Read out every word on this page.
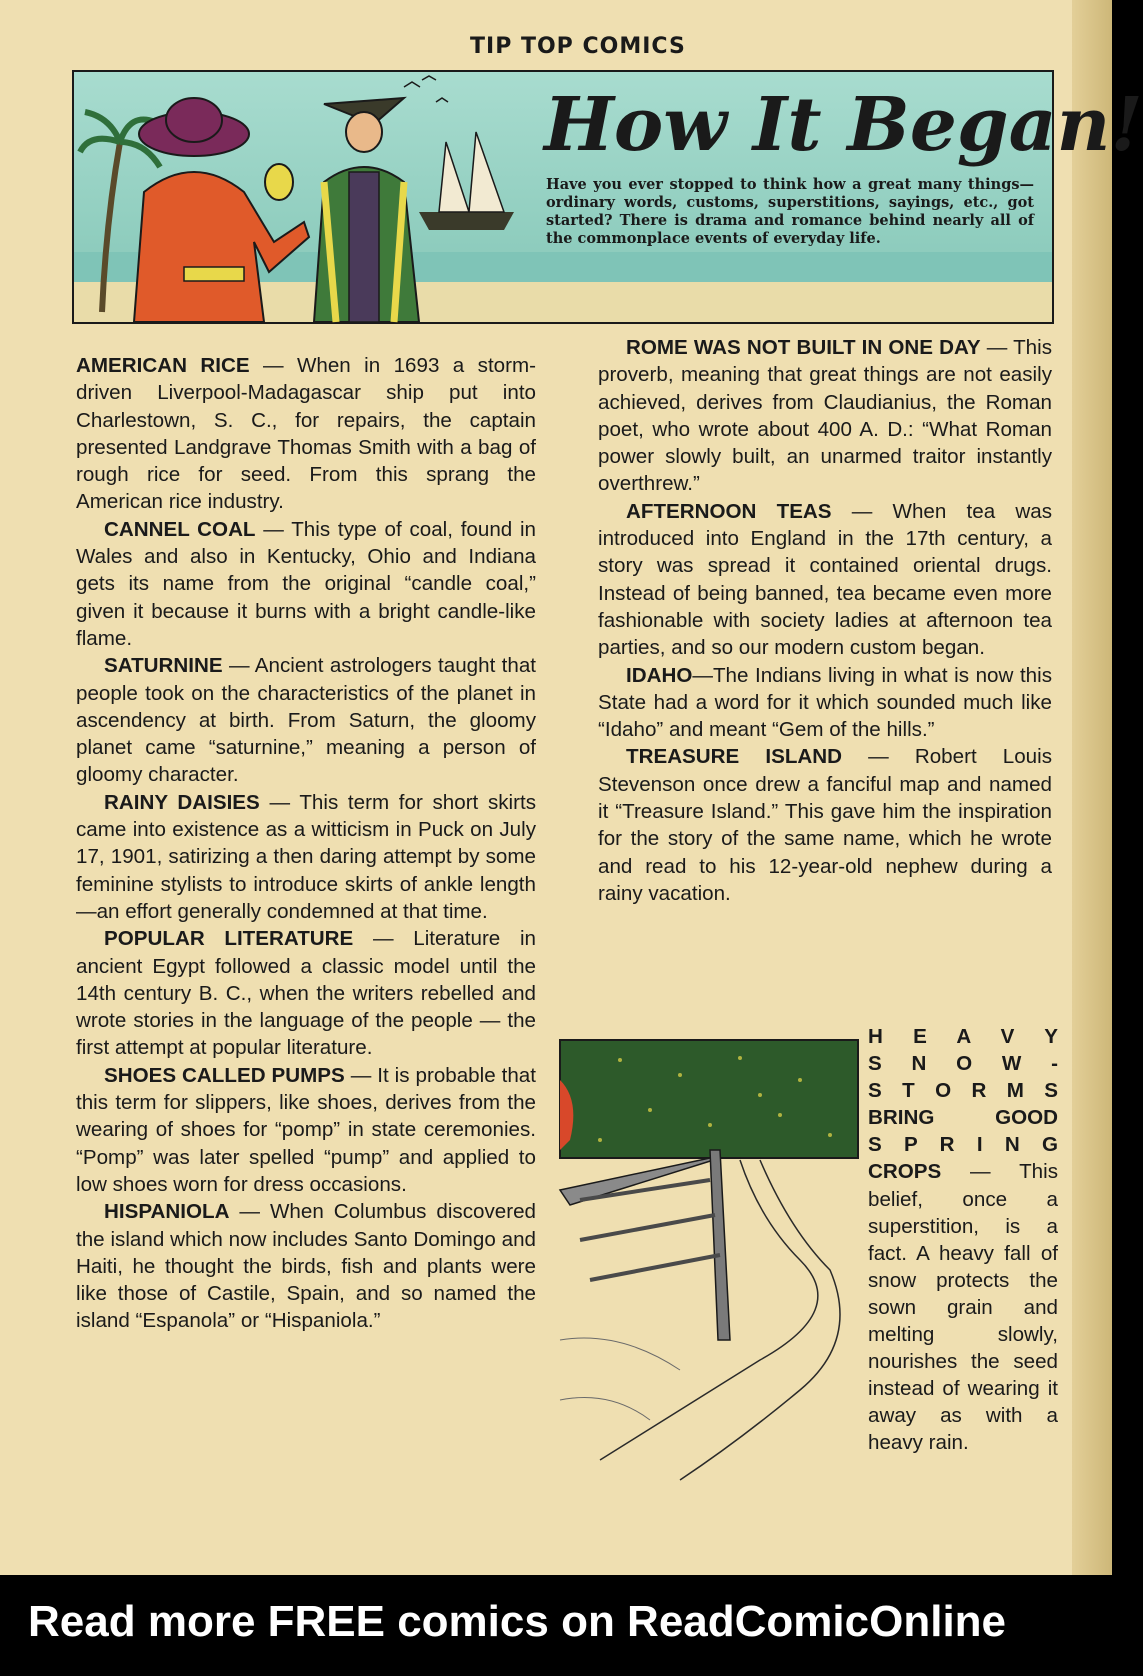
TIP TOP COMICS
How It Began!
Have you ever stopped to think how a great many things—ordinary words, customs, superstitions, sayings, etc., got started? There is drama and romance behind nearly all of the commonplace events of everyday life.

AMERICAN RICE — When in 1693 a storm-driven Liverpool-Madagascar ship put into Charlestown, S. C., for repairs, the captain presented Landgrave Thomas Smith with a bag of rough rice for seed. From this sprang the American rice industry.

CANNEL COAL — This type of coal, found in Wales and also in Kentucky, Ohio and Indiana gets its name from the original “candle coal,” given it because it burns with a bright candle-like flame.

SATURNINE — Ancient astrologers taught that people took on the characteristics of the planet in ascendency at birth. From Saturn, the gloomy planet came “saturnine,” meaning a person of gloomy character.

RAINY DAISIES — This term for short skirts came into existence as a witticism in Puck on July 17, 1901, satirizing a then daring attempt by some feminine stylists to introduce skirts of ankle length —an effort generally condemned at that time.

POPULAR LITERATURE — Literature in ancient Egypt followed a classic model until the 14th century B. C., when the writers rebelled and wrote stories in the language of the people — the first attempt at popular literature.

SHOES CALLED PUMPS — It is probable that this term for slippers, like shoes, derives from the wearing of shoes for “pomp” in state ceremonies. “Pomp” was later spelled “pump” and applied to low shoes worn for dress occasions.

HISPANIOLA — When Columbus discovered the island which now includes Santo Domingo and Haiti, he thought the birds, fish and plants were like those of Castile, Spain, and so named the island “Espanola” or “Hispaniola.”

ROME WAS NOT BUILT IN ONE DAY — This proverb, meaning that great things are not easily achieved, derives from Claudianius, the Roman poet, who wrote about 400 A. D.: “What Roman power slowly built, an unarmed traitor instantly overthrew.”

AFTERNOON TEAS — When tea was introduced into England in the 17th century, a story was spread it contained oriental drugs. Instead of being banned, tea became even more fashionable with society ladies at afternoon tea parties, and so our modern custom began.

IDAHO—The Indians living in what is now this State had a word for it which sounded much like “Idaho” and meant “Gem of the hills.”

TREASURE ISLAND — Robert Louis Stevenson once drew a fanciful map and named it “Treasure Island.” This gave him the inspiration for the story of the same name, which he wrote and read to his 12-year-old nephew during a rainy vacation.

H E A V Y
S N O W -
S T O R M S
BRING GOOD
S P R I N G
CROPS — This belief, once a superstition, is a fact. A heavy fall of snow protects the sown grain and melting slowly, nourishes the seed instead of wearing it away as with a heavy rain.
Read more FREE comics on ReadComicOnline
